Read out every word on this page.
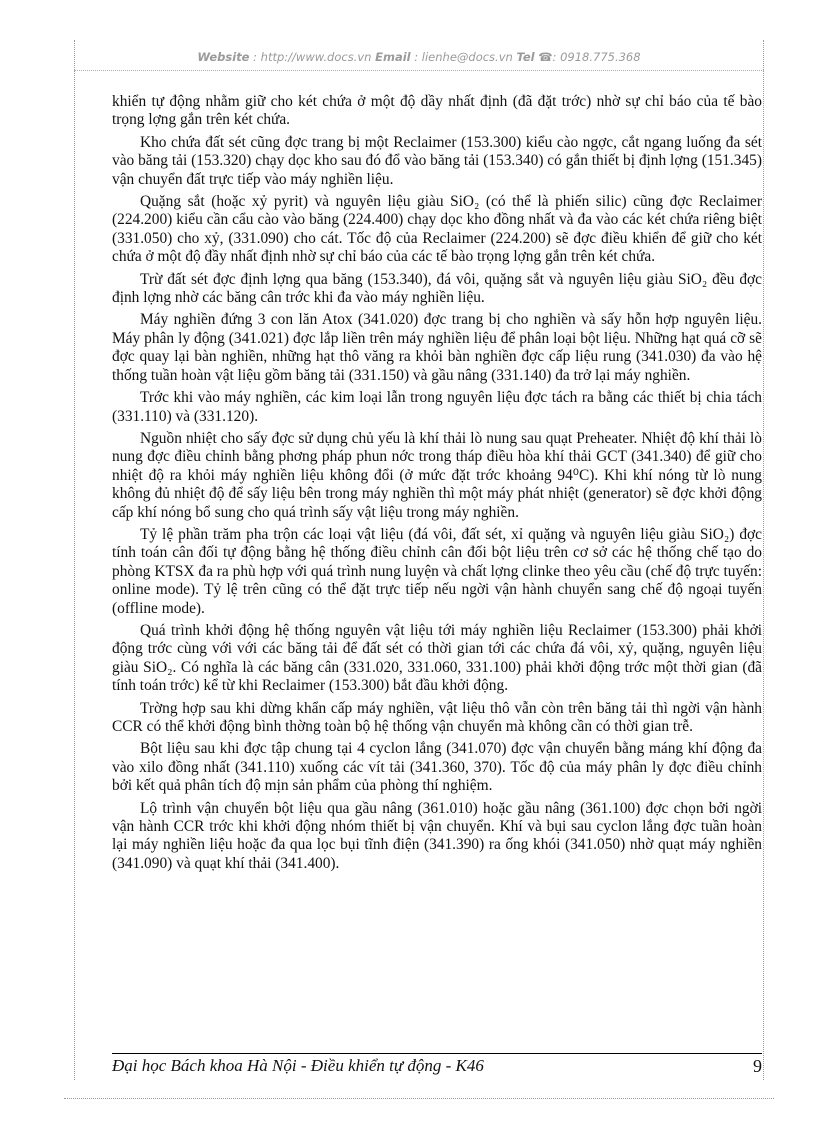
Website : http://www.docs.vn Email : lienhe@docs.vn Tel ☎: 0918.775.368

khiển tự động nhằm giữ cho két chứa ở một độ dầy nhất định (đã đặt trớc) nhờ sự chỉ báo của tế bào trọng lợng gắn trên két chứa.

Kho chứa đất sét cũng đợc trang bị một Reclaimer (153.300) kiểu cào ngợc, cắt ngang luống đa sét vào băng tải (153.320) chạy dọc kho sau đó đổ vào băng tải (153.340) có gắn thiết bị định lợng (151.345) vận chuyển đất trực tiếp vào máy nghiền liệu.

Quặng sắt (hoặc xỷ pyrit) và nguyên liệu giàu SiO₂ (có thể là phiến silic) cũng đợc Reclaimer (224.200) kiểu cần cẩu cào vào băng (224.400) chạy dọc kho đồng nhất và đa vào các két chứa riêng biệt (331.050) cho xỷ, (331.090) cho cát. Tốc độ của Reclaimer (224.200) sẽ đợc điều khiển để giữ cho két chứa ở một độ đầy nhất định nhờ sự chỉ báo của các tế bào trọng lợng gắn trên két chứa.

Trừ đất sét đợc định lợng qua băng (153.340), đá vôi, quặng sắt và nguyên liệu giàu SiO₂ đều đợc định lợng nhờ các băng cân trớc khi đa vào máy nghiền liệu.

Máy nghiền đứng 3 con lăn Atox (341.020) đợc trang bị cho nghiền và sấy hỗn hợp nguyên liệu. Máy phân ly động (341.021) đợc lắp liền trên máy nghiền liệu để phân loại bột liệu. Những hạt quá cỡ sẽ đợc quay lại bàn nghiền, những hạt thô văng ra khỏi bàn nghiền đợc cấp liệu rung (341.030) đa vào hệ thống tuần hoàn vật liệu gồm băng tải (331.150) và gầu nâng (331.140) đa trở lại máy nghiền.

Trớc khi vào máy nghiền, các kim loại lẫn trong nguyên liệu đợc tách ra bằng các thiết bị chia tách (331.110) và (331.120).

Nguồn nhiệt cho sấy đợc sử dụng chủ yếu là khí thải lò nung sau quạt Preheater. Nhiệt độ khí thải lò nung đợc điều chỉnh bằng phơng pháp phun nớc trong tháp điều hòa khí thải GCT (341.340) để giữ cho nhiệt độ ra khỏi máy nghiền liệu không đổi (ở mức đặt trớc khoảng 94⁰C). Khi khí nóng từ lò nung không đủ nhiệt độ để sấy liệu bên trong máy nghiền thì một máy phát nhiệt (generator) sẽ đợc khởi động cấp khí nóng bổ sung cho quá trình sấy vật liệu trong máy nghiền.

Tỷ lệ phần trăm pha trộn các loại vật liệu (đá vôi, đất sét, xỉ quặng và nguyên liệu giàu SiO₂) đợc tính toán cân đối tự động bằng hệ thống điều chỉnh cân đối bột liệu trên cơ sở các hệ thống chế tạo do phòng KTSX đa ra phù hợp với quá trình nung luyện và chất lợng clinke theo yêu cầu (chế độ trực tuyến: online mode). Tỷ lệ trên cũng có thể đặt trực tiếp nếu ngời vận hành chuyển sang chế độ ngoại tuyến (offline mode).

Quá trình khởi động hệ thống nguyên vật liệu tới máy nghiền liệu Reclaimer (153.300) phải khởi động trớc cùng với với các băng tải để đất sét có thời gian tới các chứa đá vôi, xỷ, quặng, nguyên liệu giàu SiO₂. Có nghĩa là các băng cân (331.020, 331.060, 331.100) phải khởi động trớc một thời gian (đã tính toán trớc) kể từ khi Reclaimer (153.300) bắt đầu khởi động.

Trờng hợp sau khi dừng khẩn cấp máy nghiền, vật liệu thô vẫn còn trên băng tải thì ngời vận hành CCR có thể khởi động bình thờng toàn bộ hệ thống vận chuyển mà không cần có thời gian trễ.

Bột liệu sau khi đợc tập chung tại 4 cyclon lắng (341.070) đợc vận chuyển bằng máng khí động đa vào xilo đồng nhất (341.110) xuống các vít tải (341.360, 370). Tốc độ của máy phân ly đợc điều chỉnh bởi kết quả phân tích độ mịn sản phẩm của phòng thí nghiệm.

Lộ trình vận chuyển bột liệu qua gầu nâng (361.010) hoặc gầu nâng (361.100) đợc chọn bởi ngời vận hành CCR trớc khi khởi động nhóm thiết bị vận chuyển. Khí và bụi sau cyclon lắng đợc tuần hoàn lại máy nghiền liệu hoặc đa qua lọc bụi tĩnh điện (341.390) ra ống khói (341.050) nhờ quạt máy nghiền (341.090) và quạt khí thải (341.400).

Đại học Bách khoa Hà Nội - Điều khiển tự động - K46	9
